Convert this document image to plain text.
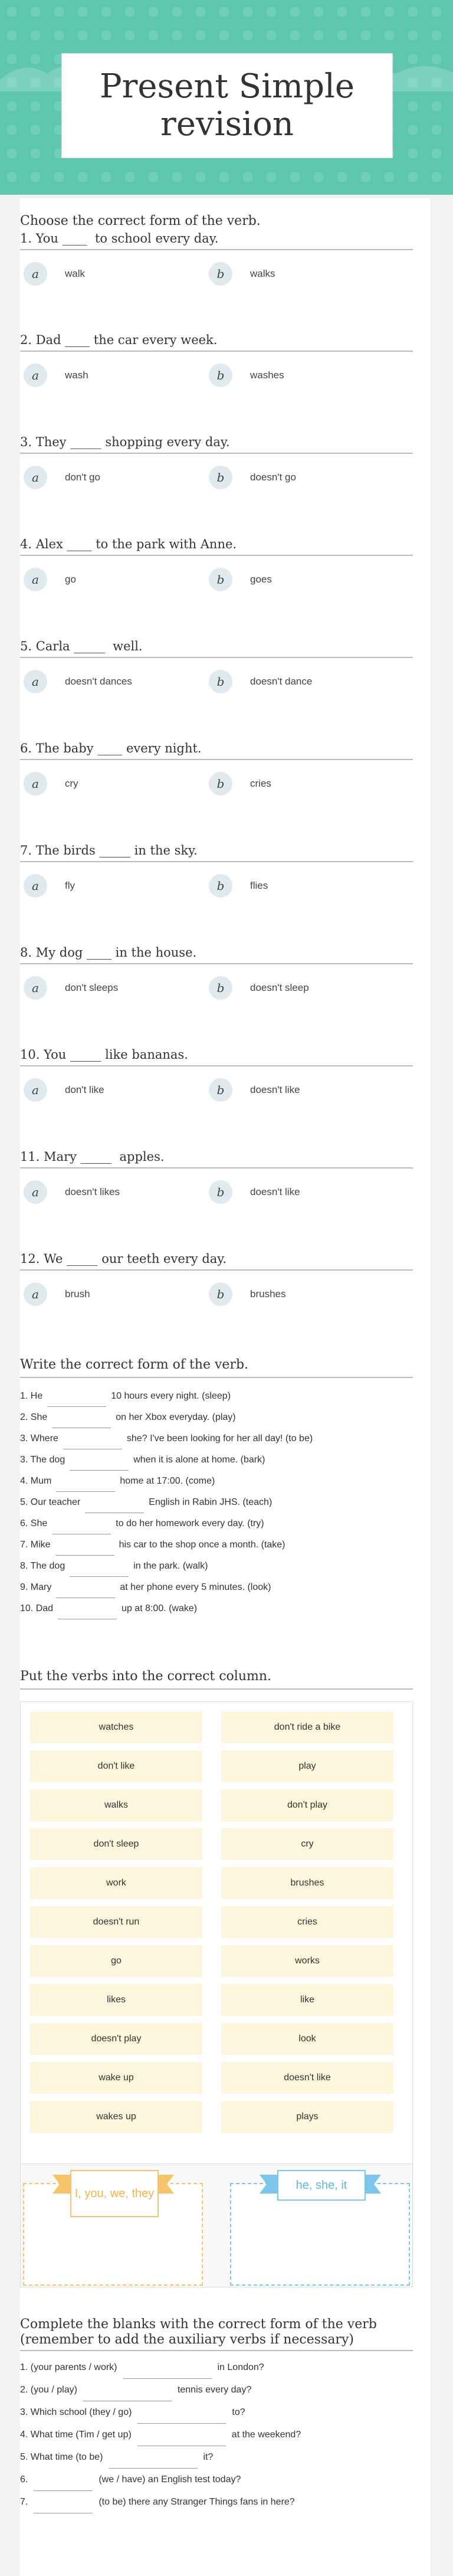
Present Simple revision

Choose the correct form of the verb.

1. You ____  to school every day.
a	walk	b	walks
2. Dad ____ the car every week.
a	wash	b	washes
3. They _____ shopping every day.
a	don't go	b	doesn't go
4. Alex ____ to the park with Anne.
a	go	b	goes
5. Carla _____  well.
a	doesn't dances	b	doesn't dance
6. The baby ____ every night.
a	cry	b	cries
7. The birds _____ in the sky.
a	fly	b	flies
8. My dog ____ in the house.
a	don't sleeps	b	doesn't sleep
10. You _____ like bananas.
a	don't like	b	doesn't like
11. Mary _____  apples.
a	doesn't likes	b	doesn't like
12. We _____ our teeth every day.
a	brush	b	brushes

Write the correct form of the verb.

1. He	10 hours every night. (sleep)
2. She	on her Xbox everyday. (play)
3. Where	she? I've been looking for her all day! (to be)
3. The dog	when it is alone at home. (bark)
4. Mum	home at 17:00. (come)
5. Our teacher	English in Rabin JHS. (teach)
6. She	to do her homework every day. (try)
7. Mike	his car to the shop once a month. (take)
8. The dog	in the park. (walk)
9. Mary	at her phone every 5 minutes. (look)
10. Dad	up at 8:00. (wake)

Put the verbs into the correct column.

watches
don't like
walks
don't sleep
work
doesn't run
go
likes
doesn't play
wake up
wakes up
don't ride a bike
play
don't play
cry
brushes
cries
works
like
look
doesn't like
plays
I, you, we, they
he, she, it

Complete the blanks with the correct form of the verb (remember to add the auxiliary verbs if necessary)

1. (your parents / work)	in London?
2. (you / play)	tennis every day?
3. Which school (they / go)	to?
4. What time (Tim / get up)	at the weekend?
5. What time (to be)	it?
6.	(we / have) an English test today?
7.	(to be) there any Stranger Things fans in here?
